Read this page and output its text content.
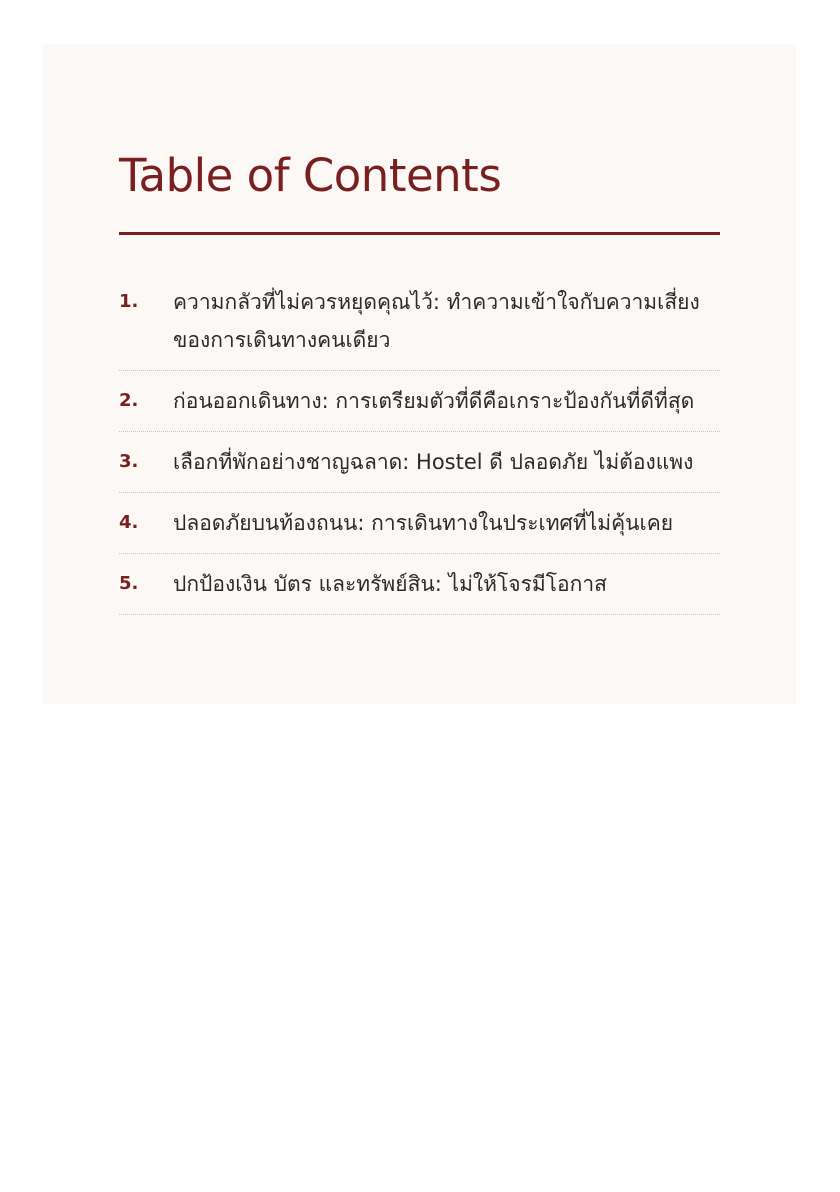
Table of Contents
1.	ความกลัวที่ไม่ควรหยุดคุณไว้: ทำความเข้าใจกับความเสี่ยงของการเดินทางคนเดียว
2.	ก่อนออกเดินทาง: การเตรียมตัวที่ดีคือเกราะป้องกันที่ดีที่สุด
3.	เลือกที่พักอย่างชาญฉลาด: Hostel ดี ปลอดภัย ไม่ต้องแพง
4.	ปลอดภัยบนท้องถนน: การเดินทางในประเทศที่ไม่คุ้นเคย
5.	ปกป้องเงิน บัตร และทรัพย์สิน: ไม่ให้โจรมีโอกาส
